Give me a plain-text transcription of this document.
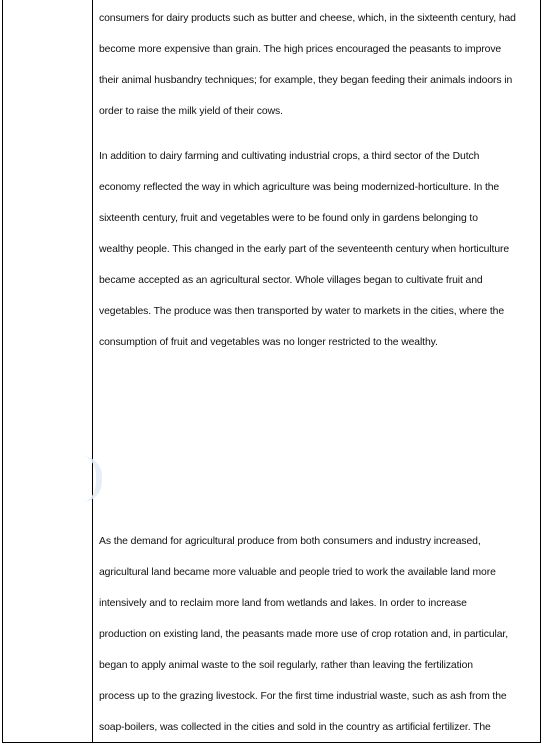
consumers for dairy products such as butter and cheese, which, in the sixteenth century, had
become more expensive than grain. The high prices encouraged the peasants to improve
their animal husbandry techniques; for example, they began feeding their animals indoors in
order to raise the milk yield of their cows.

In addition to dairy farming and cultivating industrial crops, a third sector of the Dutch
economy reflected the way in which agriculture was being modernized-horticulture. In the
sixteenth century, fruit and vegetables were to be found only in gardens belonging to
wealthy people. This changed in the early part of the seventeenth century when horticulture
became accepted as an agricultural sector. Whole villages began to cultivate fruit and
vegetables. The produce was then transported by water to markets in the cities, where the
consumption of fruit and vegetables was no longer restricted to the wealthy.

As the demand for agricultural produce from both consumers and industry increased,
agricultural land became more valuable and people tried to work the available land more
intensively and to reclaim more land from wetlands and lakes. In order to increase
production on existing land, the peasants made more use of crop rotation and, in particular,
began to apply animal waste to the soil regularly, rather than leaving the fertilization
process up to the grazing livestock. For the first time industrial waste, such as ash from the
soap-boilers, was collected in the cities and sold in the country as artificial fertilizer. The
